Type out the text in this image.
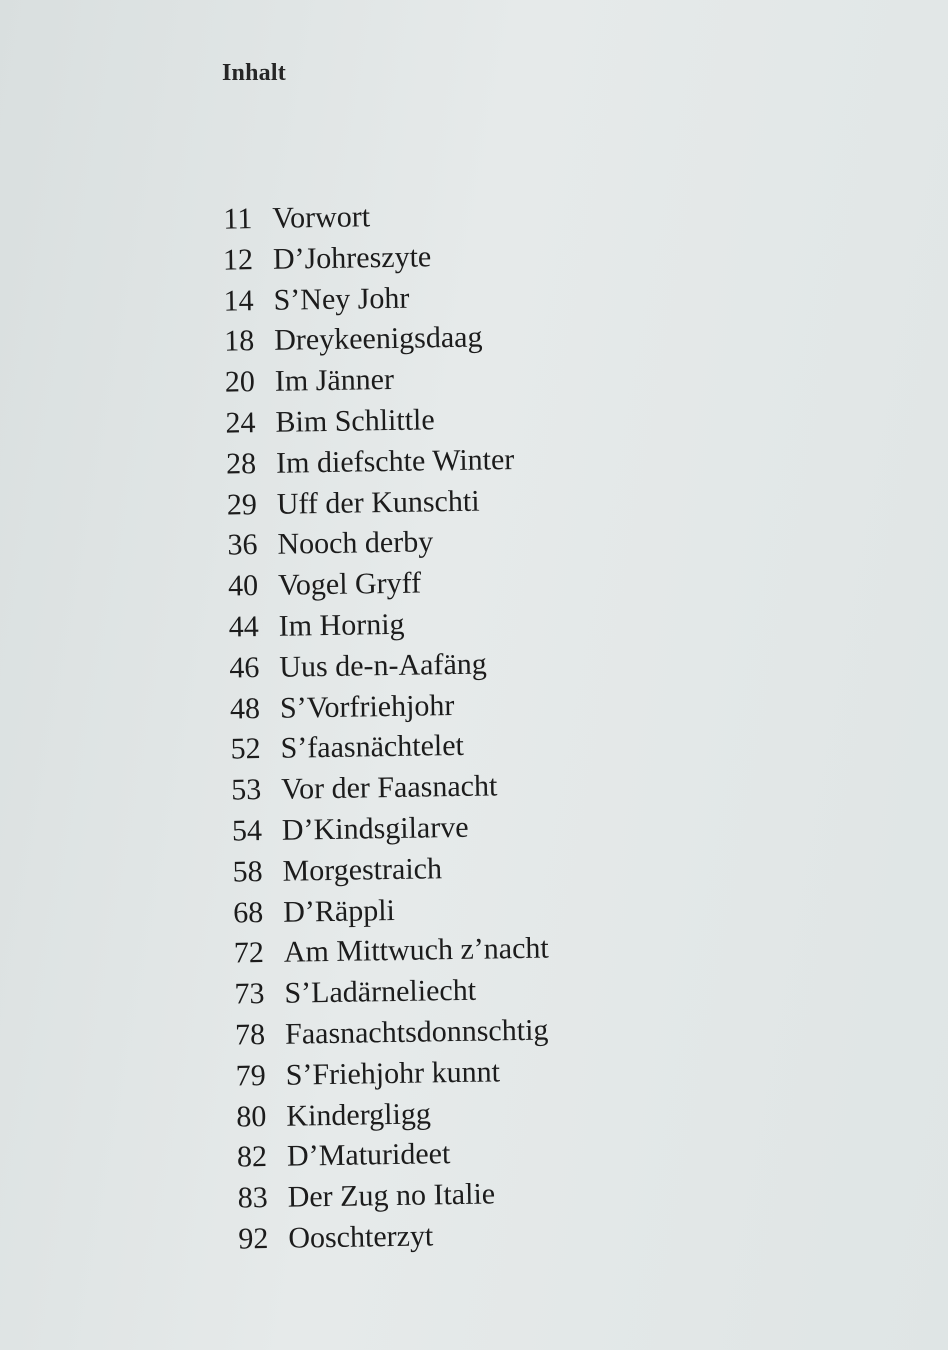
Inhalt
11 Vorwort
12 D’Johreszyte
14 S’Ney Johr
18 Dreykeenigsdaag
20 Im Jänner
24 Bim Schlittle
28 Im diefschte Winter
29 Uff der Kunschti
36 Nooch derby
40 Vogel Gryff
44 Im Hornig
46 Uus de-n-Aafäng
48 S’Vorfriehjohr
52 S’faasnächtelet
53 Vor der Faasnacht
54 D’Kindsgilarve
58 Morgestraich
68 D’Räppli
72 Am Mittwuch z’nacht
73 S’Ladärneliecht
78 Faasnachtsdonnschtig
79 S’Friehjohr kunnt
80 Kindergligg
82 D’Maturideet
83 Der Zug no Italie
92 Ooschterzyt
